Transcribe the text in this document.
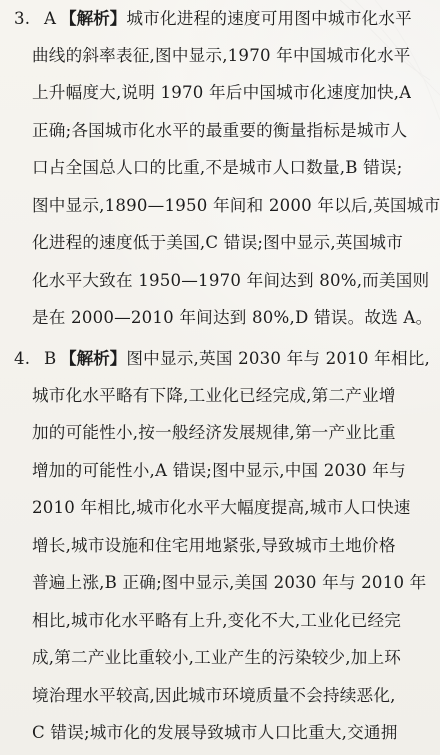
3. A 【解析】城市化进程的速度可用图中城市化水平
曲线的斜率表征,图中显示,1970 年中国城市化水平
上升幅度大,说明 1970 年后中国城市化速度加快,A
正确;各国城市化水平的最重要的衡量指标是城市人
口占全国总人口的比重,不是城市人口数量,B 错误;
图中显示,1890—1950 年间和 2000 年以后,英国城市
化进程的速度低于美国,C 错误;图中显示,英国城市
化水平大致在 1950—1970 年间达到 80%,而美国则
是在 2000—2010 年间达到 80%,D 错误。故选 A。
4. B 【解析】图中显示,英国 2030 年与 2010 年相比,
城市化水平略有下降,工业化已经完成,第二产业增
加的可能性小,按一般经济发展规律,第一产业比重
增加的可能性小,A 错误;图中显示,中国 2030 年与
2010 年相比,城市化水平大幅度提高,城市人口快速
增长,城市设施和住宅用地紧张,导致城市土地价格
普遍上涨,B 正确;图中显示,美国 2030 年与 2010 年
相比,城市化水平略有上升,变化不大,工业化已经完
成,第二产业比重较小,工业产生的污染较少,加上环
境治理水平较高,因此城市环境质量不会持续恶化,
C 错误;城市化的发展导致城市人口比重大,交通拥
